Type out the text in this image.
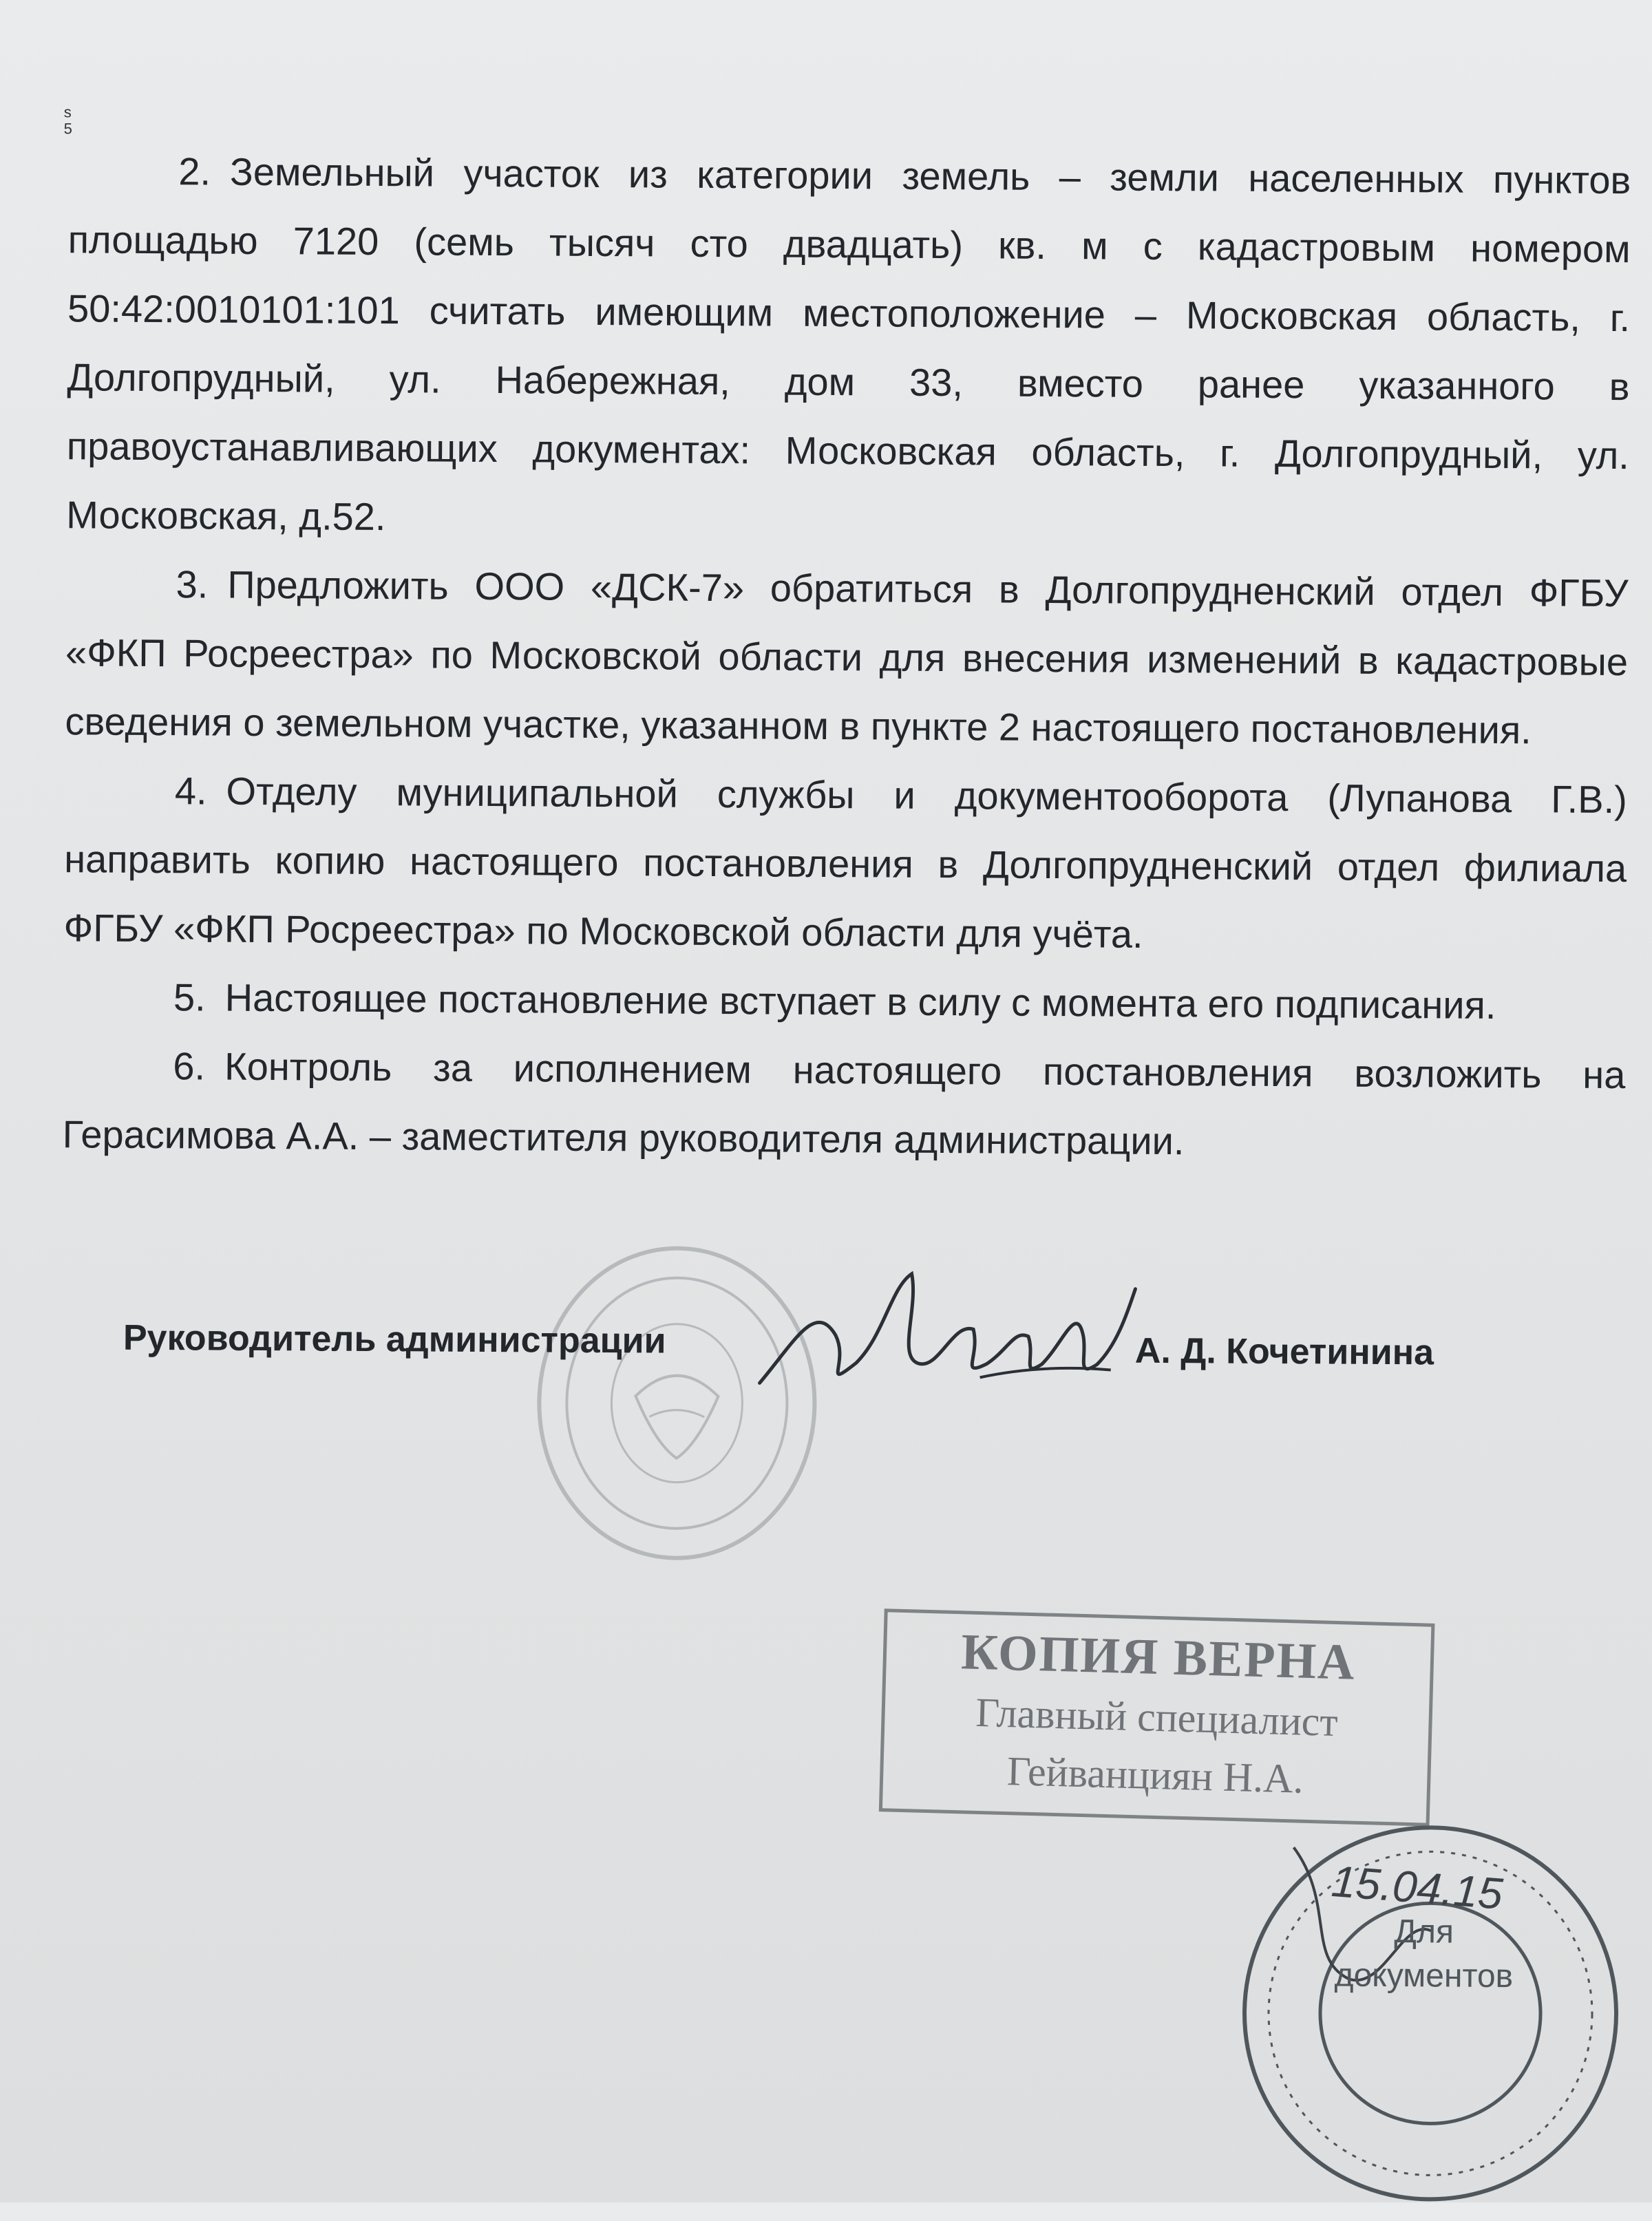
s
5

2. Земельный участок из категории земель – земли населенных пунктов площадью 7120 (семь тысяч сто двадцать) кв. м с кадастровым номером 50:42:0010101:101 считать имеющим местоположение – Московская область, г. Долгопрудный, ул. Набережная, дом 33, вместо ранее указанного в правоустанавливающих документах: Московская область, г. Долгопрудный, ул. Московская, д.52.

3. Предложить ООО «ДСК-7» обратиться в Долгопрудненский отдел ФГБУ «ФКП Росреестра» по Московской области для внесения изменений в кадастровые сведения о земельном участке, указанном в пункте 2 настоящего постановления.

4. Отделу муниципальной службы и документооборота (Лупанова Г.В.) направить копию настоящего постановления в Долгопрудненский отдел филиала ФГБУ «ФКП Росреестра» по Московской области для учёта.

5. Настоящее постановление вступает в силу с момента его подписания.

6. Контроль за исполнением настоящего постановления возложить на Герасимова А.А. – заместителя руководителя администрации.

Руководитель администрации	А. Д. Кочетинина
КОПИЯ ВЕРНА
Главный специалист
Гейванциян Н.А.
15.04.15
Для
документов
